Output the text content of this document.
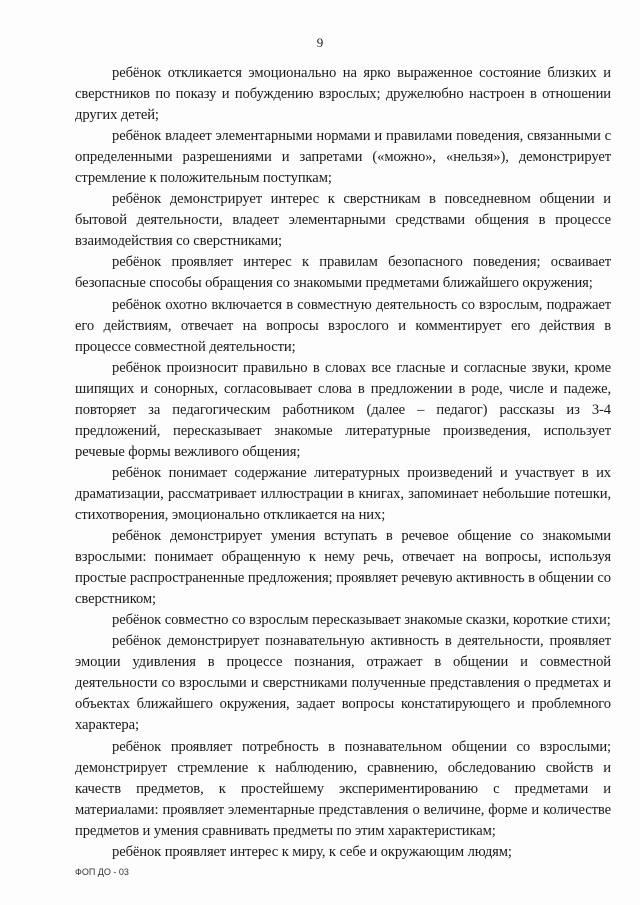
9

ребёнок откликается эмоционально на ярко выраженное состояние близких и сверстников по показу и побуждению взрослых; дружелюбно настроен в отношении других детей;

ребёнок владеет элементарными нормами и правилами поведения, связанными с определенными разрешениями и запретами («можно», «нельзя»), демонстрирует стремление к положительным поступкам;

ребёнок демонстрирует интерес к сверстникам в повседневном общении и бытовой деятельности, владеет элементарными средствами общения в процессе взаимодействия со сверстниками;

ребёнок проявляет интерес к правилам безопасного поведения; осваивает безопасные способы обращения со знакомыми предметами ближайшего окружения;

ребёнок охотно включается в совместную деятельность со взрослым, подражает его действиям, отвечает на вопросы взрослого и комментирует его действия в процессе совместной деятельности;

ребёнок произносит правильно в словах все гласные и согласные звуки, кроме шипящих и сонорных, согласовывает слова в предложении в роде, числе и падеже, повторяет за педагогическим работником (далее – педагог) рассказы из 3-4 предложений, пересказывает знакомые литературные произведения, использует речевые формы вежливого общения;

ребёнок понимает содержание литературных произведений и участвует в их драматизации, рассматривает иллюстрации в книгах, запоминает небольшие потешки, стихотворения, эмоционально откликается на них;

ребёнок демонстрирует умения вступать в речевое общение со знакомыми взрослыми: понимает обращенную к нему речь, отвечает на вопросы, используя простые распространенные предложения; проявляет речевую активность в общении со сверстником;

ребёнок совместно со взрослым пересказывает знакомые сказки, короткие стихи;

ребёнок демонстрирует познавательную активность в деятельности, проявляет эмоции удивления в процессе познания, отражает в общении и совместной деятельности со взрослыми и сверстниками полученные представления о предметах и объектах ближайшего окружения, задает вопросы констатирующего и проблемного характера;

ребёнок проявляет потребность в познавательном общении со взрослыми; демонстрирует стремление к наблюдению, сравнению, обследованию свойств и качеств предметов, к простейшему экспериментированию с предметами и материалами: проявляет элементарные представления о величине, форме и количестве предметов и умения сравнивать предметы по этим характеристикам;

ребёнок проявляет интерес к миру, к себе и окружающим людям;

ФОП ДО - 03
